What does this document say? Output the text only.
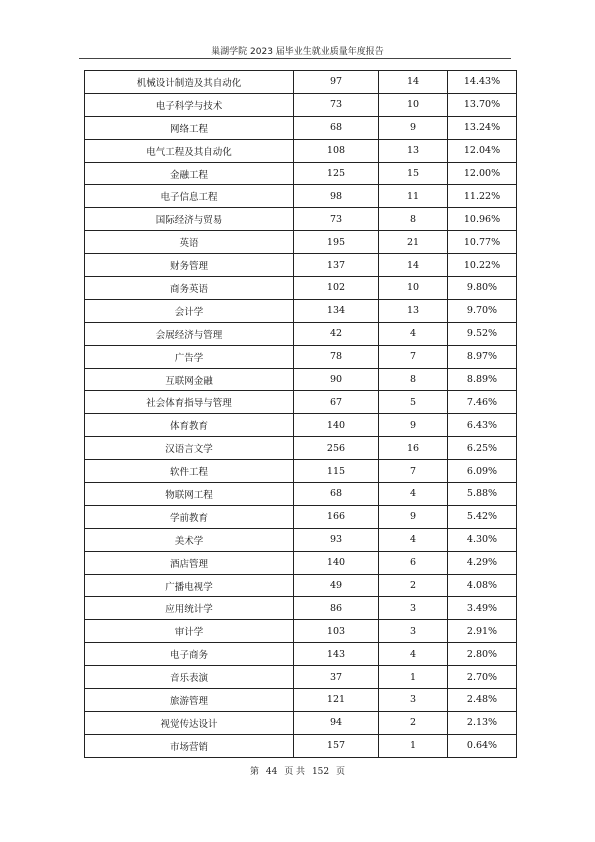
巢湖学院 2023 届毕业生就业质量年度报告
机械设计制造及其自动化	97	14	14.43%
电子科学与技术	73	10	13.70%
网络工程	68	9	13.24%
电气工程及其自动化	108	13	12.04%
金融工程	125	15	12.00%
电子信息工程	98	11	11.22%
国际经济与贸易	73	8	10.96%
英语	195	21	10.77%
财务管理	137	14	10.22%
商务英语	102	10	9.80%
会计学	134	13	9.70%
会展经济与管理	42	4	9.52%
广告学	78	7	8.97%
互联网金融	90	8	8.89%
社会体育指导与管理	67	5	7.46%
体育教育	140	9	6.43%
汉语言文学	256	16	6.25%
软件工程	115	7	6.09%
物联网工程	68	4	5.88%
学前教育	166	9	5.42%
美术学	93	4	4.30%
酒店管理	140	6	4.29%
广播电视学	49	2	4.08%
应用统计学	86	3	3.49%
审计学	103	3	2.91%
电子商务	143	4	2.80%
音乐表演	37	1	2.70%
旅游管理	121	3	2.48%
视觉传达设计	94	2	2.13%
市场营销	157	1	0.64%
第 44 页 共 152 页
